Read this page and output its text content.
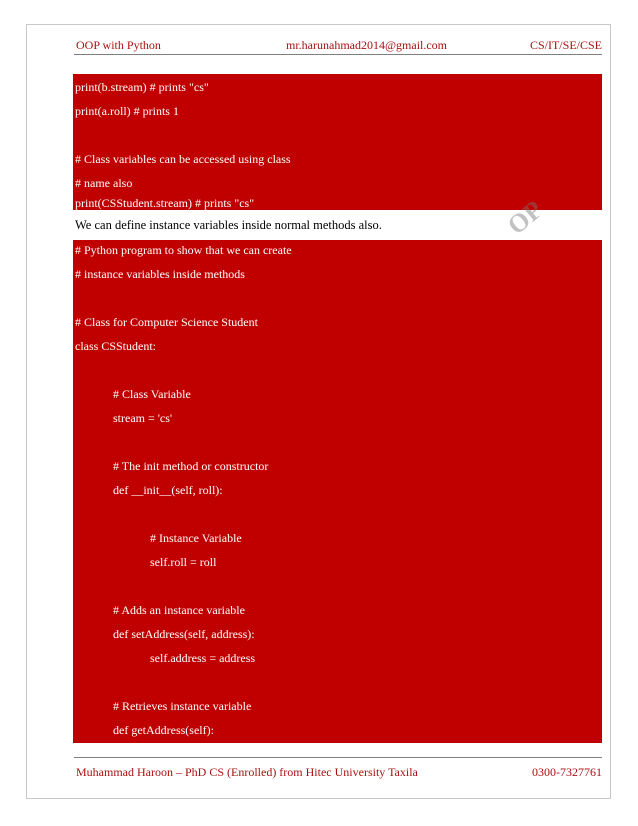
OOP with Python	mr.harunahmad2014@gmail.com	CS/IT/SE/CSE
print(b.stream) # prints "cs"
print(a.roll) # prints 1
# Class variables can be accessed using class
# name also
print(CSStudent.stream) # prints "cs"
We can define instance variables inside normal methods also.	OP
# Python program to show that we can create
# instance variables inside methods
# Class for Computer Science Student
class CSStudent:
# Class Variable
stream = 'cs'
# The init method or constructor
def __init__(self, roll):
# Instance Variable
self.roll = roll
# Adds an instance variable
def setAddress(self, address):
self.address = address
# Retrieves instance variable
def getAddress(self):
Muhammad Haroon – PhD CS (Enrolled) from Hitec University Taxila	0300-7327761
